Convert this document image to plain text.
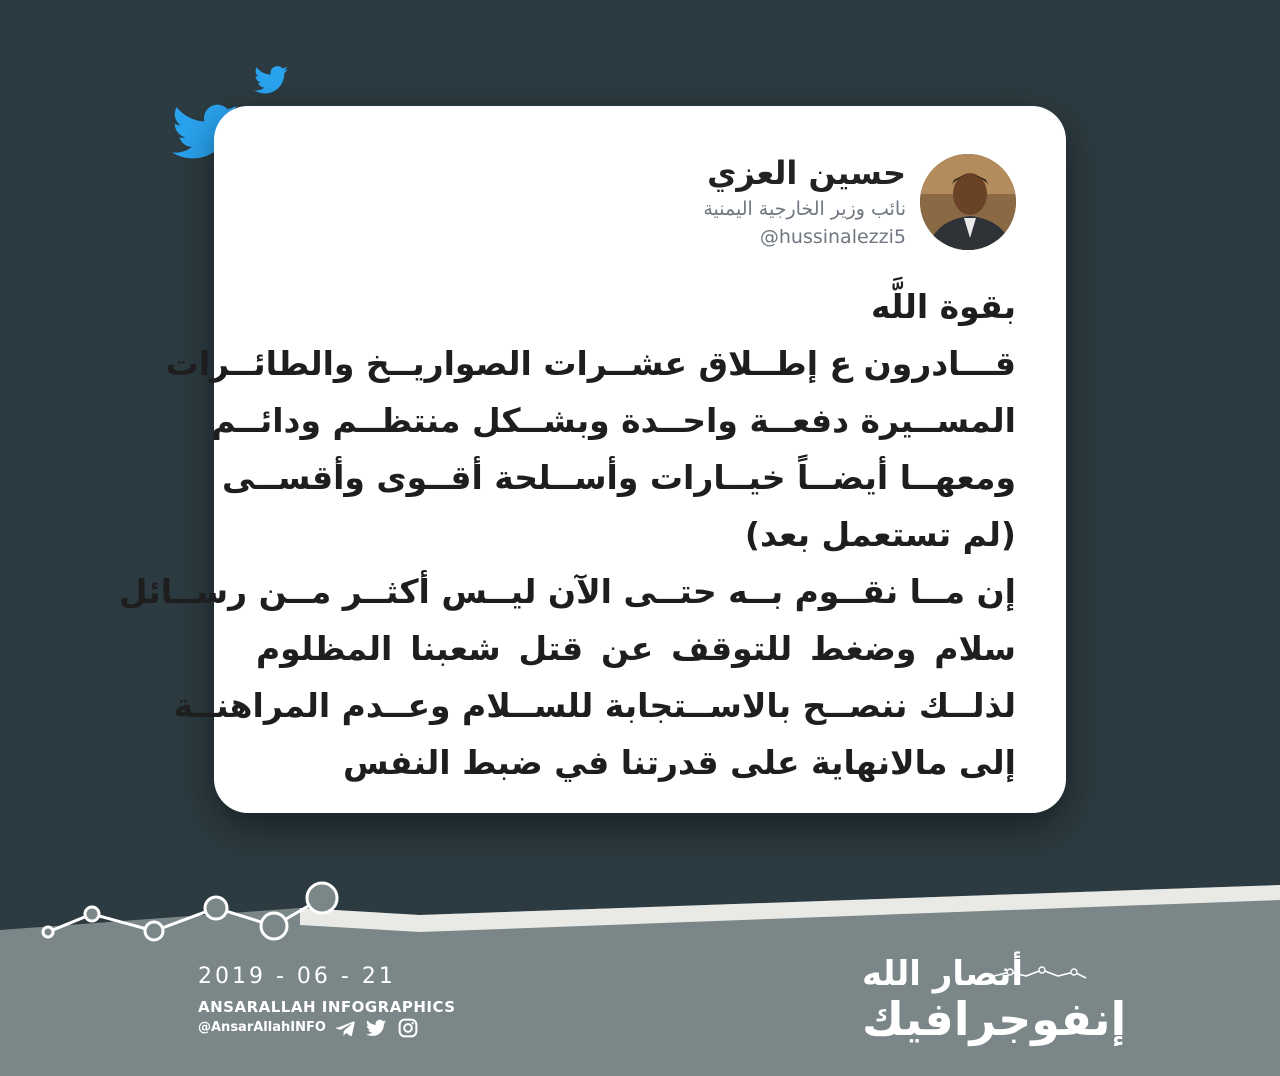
حسين العزي
نائب وزير الخارجية اليمنية
@hussinalezzi5
بقوة اللَّه
قـــادرون ع إطــلاق عشــرات الصواريــخ والطائــرات
المســيرة دفعــة واحــدة وبشــكل منتظــم ودائــم
ومعهــا أيضــاً خيــارات وأســلحة أقــوى وأقســى
(لم تستعمل بعد)
إن مــا نقــوم بــه حتــى الآن ليــس أكثــر مــن رســائل
سلام وضغط للتوقف عن قتل شعبنا المظلوم
لذلــك ننصــح بالاســتجابة للســلام وعــدم المراهنــة
إلى مالانهاية على قدرتنا في ضبط النفس
2019 - 06 - 21
ANSARALLAH INFOGRAPHICS
@AnsarAllahINFO
أنصار الله
إنفوجرافيك
